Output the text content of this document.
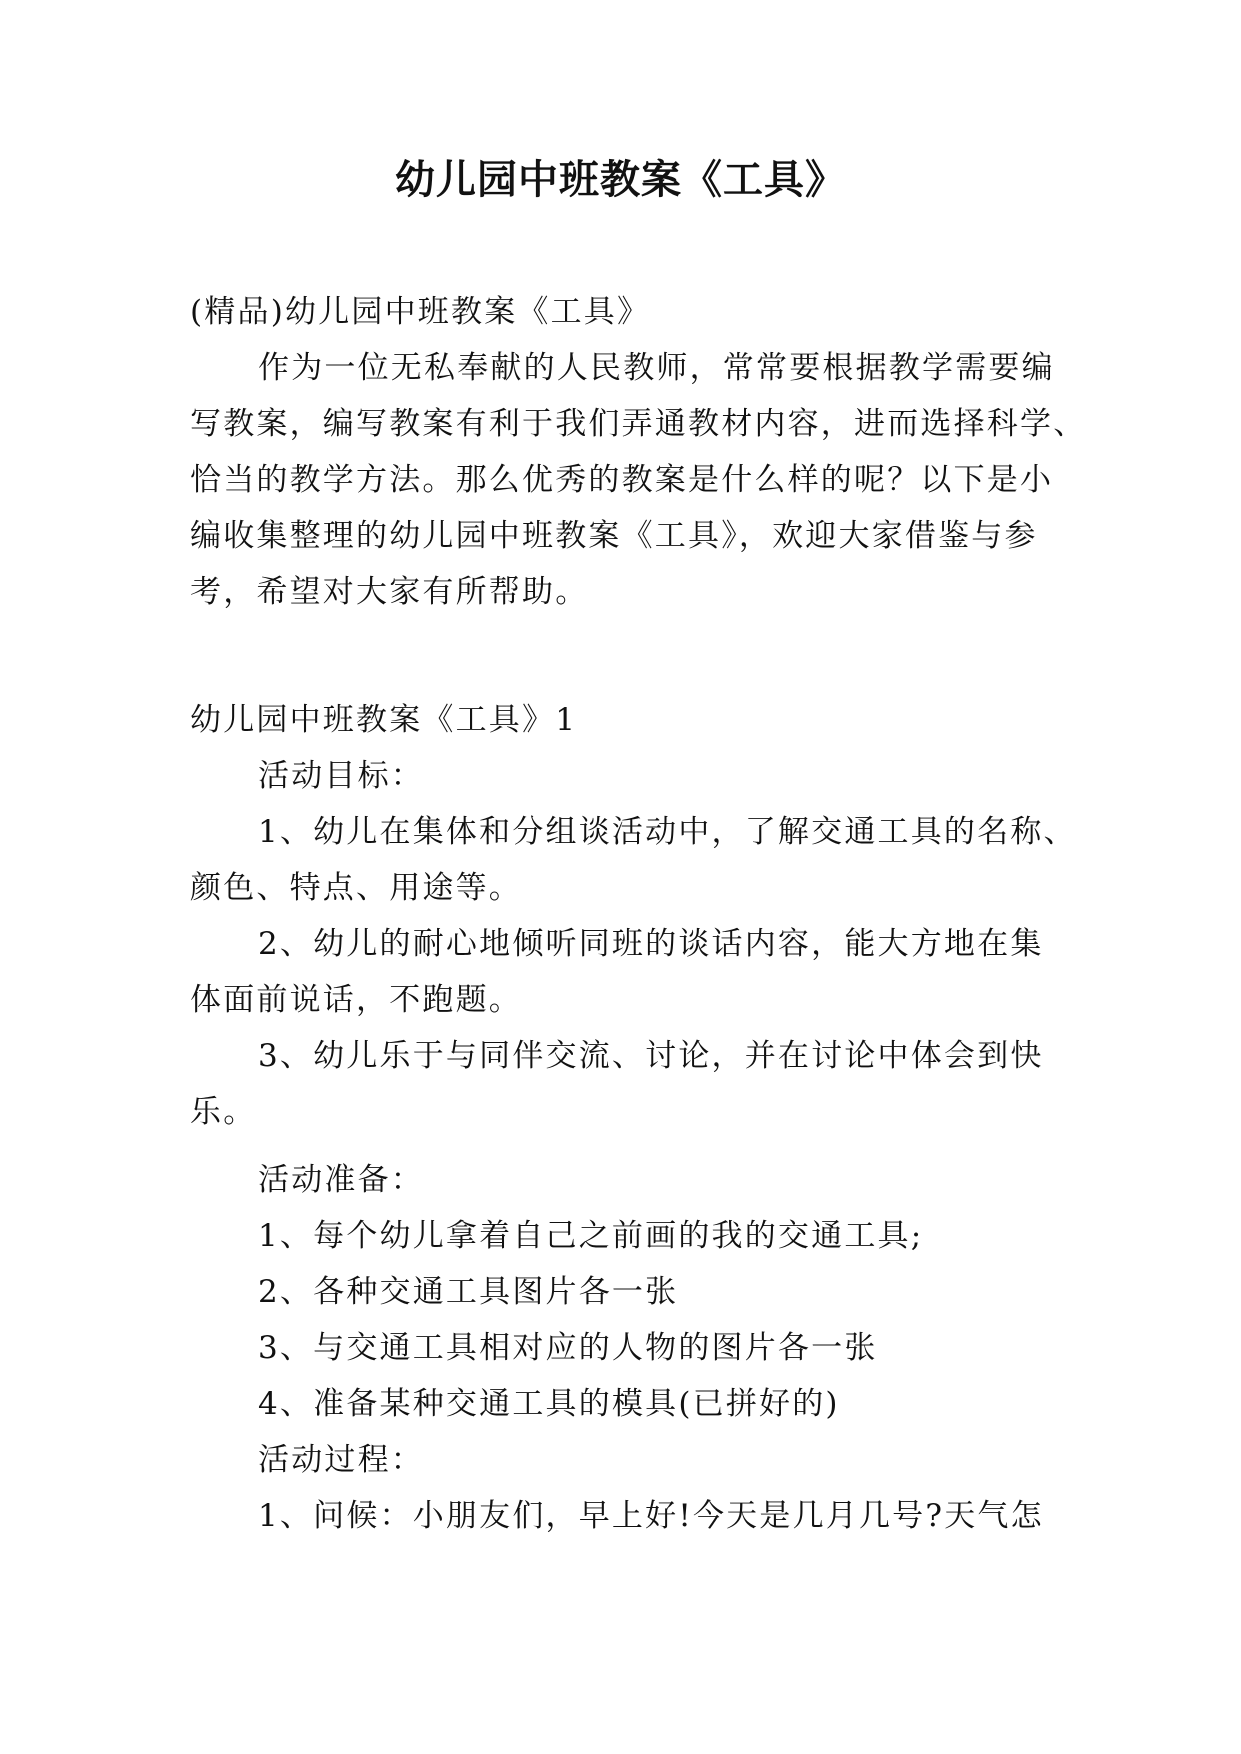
幼儿园中班教案《工具》
(精品)幼儿园中班教案《工具》
作为一位无私奉献的人民教师，常常要根据教学需要编
写教案，编写教案有利于我们弄通教材内容，进而选择科学、
恰当的教学方法。那么优秀的教案是什么样的呢？以下是小
编收集整理的幼儿园中班教案《工具》，欢迎大家借鉴与参
考，希望对大家有所帮助。
幼儿园中班教案《工具》1
活动目标：
1、幼儿在集体和分组谈活动中，了解交通工具的名称、
颜色、特点、用途等。
2、幼儿的耐心地倾听同班的谈话内容，能大方地在集
体面前说话，不跑题。
3、幼儿乐于与同伴交流、讨论，并在讨论中体会到快
乐。
活动准备：
1、每个幼儿拿着自己之前画的我的交通工具;
2、各种交通工具图片各一张
3、与交通工具相对应的人物的图片各一张
4、准备某种交通工具的模具(已拼好的)
活动过程：
1、问候：小朋友们，早上好!今天是几月几号?天气怎
